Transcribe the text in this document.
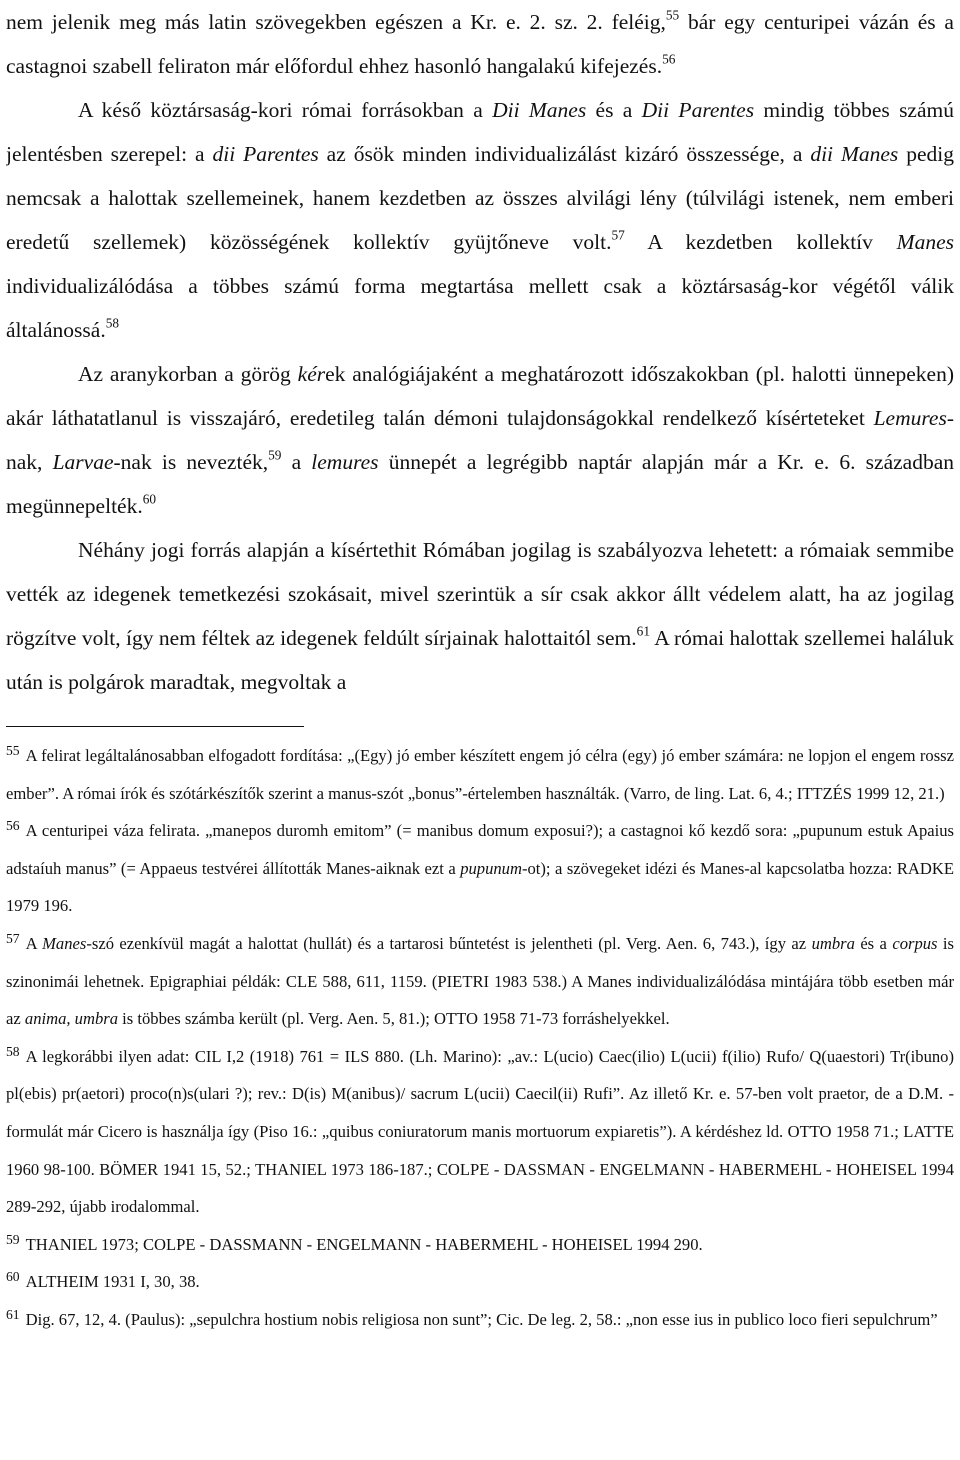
nem jelenik meg más latin szövegekben egészen a Kr. e. 2. sz. 2. feléig,$^{55}$ bár egy centuripei vázán és a castagnoi szabell feliraton már előfordul ehhez hasonló hangalakú kifejezés.$^{56}$

A késő köztársaság-kori római forrásokban a Dii Manes és a Dii Parentes mindig többes számú jelentésben szerepel: a dii Parentes az ősök minden individualizálást kizáró összessége, a dii Manes pedig nemcsak a halottak szellemeinek, hanem kezdetben az összes alvilági lény (túlvilági istenek, nem emberi eredetű szellemek) közösségének kollektív gyüjtőneve volt.$^{57}$ A kezdetben kollektív Manes individualizálódása a többes számú forma megtartása mellett csak a köztársaság-kor végétől válik általánossá.$^{58}$

Az aranykorban a görög kérek analógiájaként a meghatározott időszakokban (pl. halotti ünnepeken) akár láthatatlanul is visszajáró, eredetileg talán démoni tulajdonságokkal rendelkező kísérteteket Lemures-nak, Larvae-nak is nevezték,$^{59}$ a lemures ünnepét a legrégibb naptár alapján már a Kr. e. 6. században megünnepelték.$^{60}$

Néhány jogi forrás alapján a kísértethit Rómában jogilag is szabályozva lehetett: a rómaiak semmibe vették az idegenek temetkezési szokásait, mivel szerintük a sír csak akkor állt védelem alatt, ha az jogilag rögzítve volt, így nem féltek az idegenek feldúlt sírjainak halottaitól sem.$^{61}$ A római halottak szellemei haláluk után is polgárok maradtak, megvoltak a

$^{55}$ A felirat legáltalánosabban elfogadott fordítása: „(Egy) jó ember készített engem jó célra (egy) jó ember számára: ne lopjon el engem rossz ember”. A római írók és szótárkészítők szerint a manus-szót „bonus”-értelemben használták. (Varro, de ling. Lat. 6, 4.; ITTZÉS 1999 12, 21.)

$^{56}$ A centuripei váza felirata. „manepos duromh emitom” (= manibus domum exposui?); a castagnoi kő kezdő sora: „pupunum estuk Apaius adstaíuh manus” (= Appaeus testvérei állították Manes-aiknak ezt a pupunum-ot); a szövegeket idézi és Manes-al kapcsolatba hozza: RADKE 1979 196.

$^{57}$ A Manes-szó ezenkívül magát a halottat (hullát) és a tartarosi bűntetést is jelentheti (pl. Verg. Aen. 6, 743.), így az umbra és a corpus is szinonimái lehetnek. Epigraphiai példák: CLE 588, 611, 1159. (PIETRI 1983 538.) A Manes individualizálódása mintájára több esetben már az anima, umbra is többes számba került (pl. Verg. Aen. 5, 81.); OTTO 1958 71-73 forráshelyekkel.

$^{58}$ A legkorábbi ilyen adat: CIL I,2 (1918) 761 = ILS 880. (Lh. Marino): „av.: L(ucio) Caec(ilio) L(ucii) f(ilio) Rufo/ Q(uaestori) Tr(ibuno) pl(ebis) pr(aetori) proco(n)s(ulari ?); rev.: D(is) M(anibus)/ sacrum L(ucii) Caecil(ii) Rufi”. Az illető Kr. e. 57-ben volt praetor, de a D.M. - formulát már Cicero is használja így (Piso 16.: „quibus coniuratorum manis mortuorum expiaretis”). A kérdéshez ld. OTTO 1958 71.; LATTE 1960 98-100. BÖMER 1941 15, 52.; THANIEL 1973 186-187.; COLPE - DASSMAN - ENGELMANN - HABERMEHL - HOHEISEL 1994 289-292, újabb irodalommal.

$^{59}$ THANIEL 1973; COLPE - DASSMANN - ENGELMANN - HABERMEHL - HOHEISEL 1994 290.

$^{60}$ ALTHEIM 1931 I, 30, 38.

$^{61}$ Dig. 67, 12, 4. (Paulus): „sepulchra hostium nobis religiosa non sunt”; Cic. De leg. 2, 58.: „non esse ius in publico loco fieri sepulchrum”
